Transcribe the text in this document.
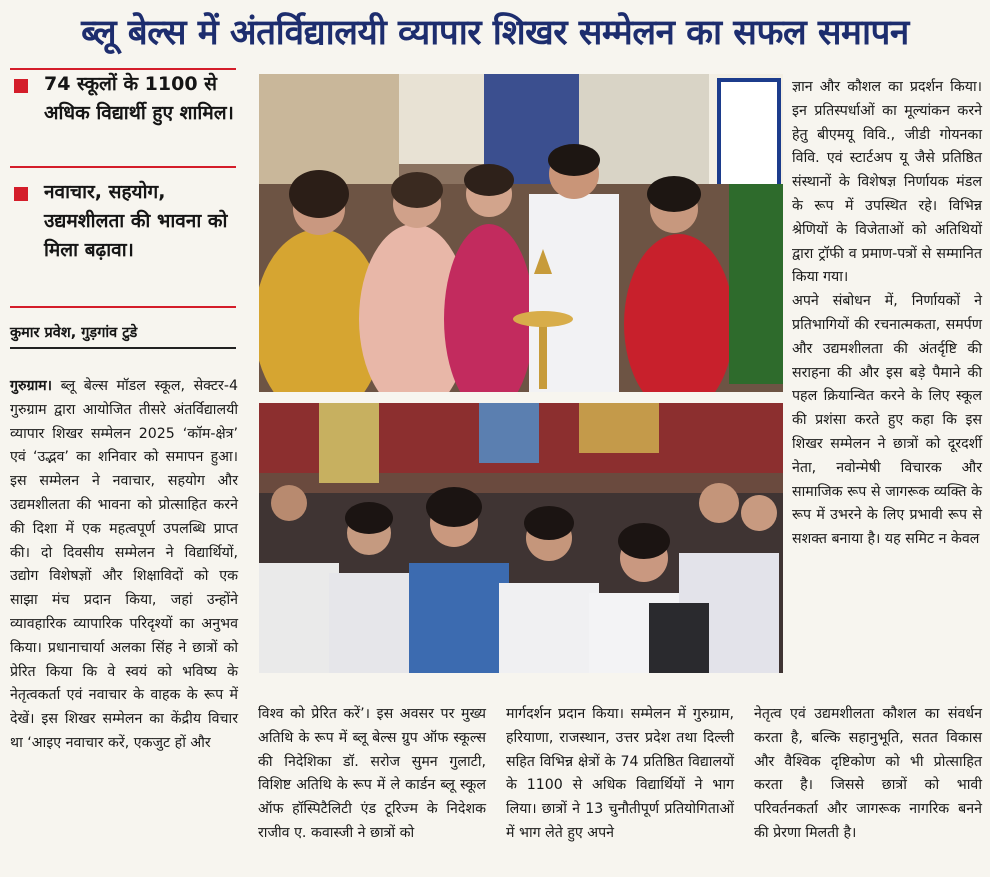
ब्लू बेल्स में अंतर्विद्यालयी व्यापार शिखर सम्मेलन का सफल समापन
74 स्कूलों के 1100 से अधिक विद्यार्थी हुए शामिल।
नवाचार, सहयोग, उद्यमशीलता की भावना को मिला बढ़ावा।
कुमार प्रवेश, गुड़गांव टुडे

गुरुग्राम। ब्लू बेल्स मॉडल स्कूल, सेक्टर-4 गुरुग्राम द्वारा आयोजित तीसरे अंतर्विद्यालयी व्यापार शिखर सम्मेलन 2025 ‘कॉम-क्षेत्र’ एवं ‘उद्भव’ का शनिवार को समापन हुआ। इस सम्मेलन ने नवाचार, सहयोग और उद्यमशीलता की भावना को प्रोत्साहित करने की दिशा में एक महत्वपूर्ण उपलब्धि प्राप्त की। दो दिवसीय सम्मेलन ने विद्यार्थियों, उद्योग विशेषज्ञों और शिक्षाविदों को एक साझा मंच प्रदान किया, जहां उन्होंने व्यावहारिक व्यापारिक परिदृश्यों का अनुभव किया। प्रधानाचार्या अलका सिंह ने छात्रों को प्रेरित किया कि वे स्वयं को भविष्य के नेतृत्वकर्ता एवं नवाचार के वाहक के रूप में देखें। इस शिखर सम्मेलन का केंद्रीय विचार था ‘आइए नवाचार करें, एकजुट हों और

ज्ञान और कौशल का प्रदर्शन किया। इन प्रतिस्पर्धाओं का मूल्यांकन करने हेतु बीएमयू विवि., जीडी गोयनका विवि. एवं स्टार्टअप यू जैसे प्रतिष्ठित संस्थानों के विशेषज्ञ निर्णायक मंडल के रूप में उपस्थित रहे। विभिन्न श्रेणियों के विजेताओं को अतिथियों द्वारा ट्रॉफी व प्रमाण-पत्रों से सम्मानित किया गया।

अपने संबोधन में, निर्णायकों ने प्रतिभागियों की रचनात्मकता, समर्पण और उद्यमशीलता की अंतर्दृष्टि की सराहना की और इस बड़े पैमाने की पहल क्रियान्वित करने के लिए स्कूल की प्रशंसा करते हुए कहा कि इस शिखर सम्मेलन ने छात्रों को दूरदर्शी नेता, नवोन्मेषी विचारक और सामाजिक रूप से जागरूक व्यक्ति के रूप में उभरने के लिए प्रभावी रूप से सशक्त बनाया है। यह समिट न केवल

विश्व को प्रेरित करें’। इस अवसर पर मुख्य अतिथि के रूप में ब्लू बेल्स ग्रुप ऑफ स्कूल्स की निदेशिका डॉ. सरोज सुमन गुलाटी, विशिष्ट अतिथि के रूप में ले कार्डन ब्लू स्कूल ऑफ हॉस्पिटैलिटी एंड टूरिज्म के निदेशक राजीव ए. कवास्जी ने छात्रों को

मार्गदर्शन प्रदान किया। सम्मेलन में गुरुग्राम, हरियाणा, राजस्थान, उत्तर प्रदेश तथा दिल्ली सहित विभिन्न क्षेत्रों के 74 प्रतिष्ठित विद्यालयों के 1100 से अधिक विद्यार्थियों ने भाग लिया। छात्रों ने 13 चुनौतीपूर्ण प्रतियोगिताओं में भाग लेते हुए अपने

नेतृत्व एवं उद्यमशीलता कौशल का संवर्धन करता है, बल्कि सहानुभूति, सतत विकास और वैश्विक दृष्टिकोण को भी प्रोत्साहित करता है। जिससे छात्रों को भावी परिवर्तनकर्ता और जागरूक नागरिक बनने की प्रेरणा मिलती है।
